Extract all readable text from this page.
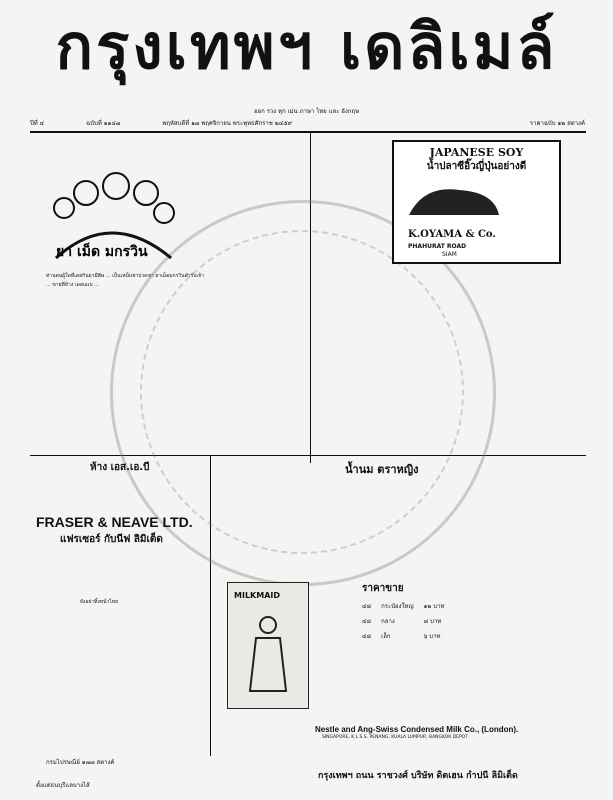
กรุงเทพฯ เดลิเมล์
ออก รวง ทุก เม่น ภาษา ไทย และ อังกฤษ
ปีที่ ๔	ฉบับที่ ๑๑๔๗	พฤหัสบดีที่ ๑๗ พฤศจิกายน พระพุทธศักราช ๒๔๕๙	ราคาฉบับ ๑๒ สตางค์
ยา เม็ด มกรวิน
ท่านคนผู้ใดที่เคยกินยามีพิษ ... เป็นเหน็บชาปวดขา ยาเม็ดมกรวินตำรับเจ้า ... ขายที่ห้าง เดสเอเบ ...
JAPANESE SOY
น้ำปลาซีอิ๊วญี่ปุ่นอย่างดี
K.OYAMA & Co.
PHAHURAT ROAD
SIAM
ห้าง เอส.เอ.บี	น้ำนม ตราหญิง
FRASER & NEAVE LTD.
แฟรเซอร์ กับนีฟ ลิมิเต็ด
ยังอย่าทิ้งหน้าไทย
MILKMAID
ราคาขาย
๔๘	กระป๋องใหญ่	๑๒ บาท
๔๘	กลาง	๘ บาท
๔๘	เล็ก	๖ บาท
Nestle and Ang-Swiss Condensed Milk Co., (London).
SINGAPORE, K.L.S.S. PENANG, KUALA LUMPUR, BANGKOK DEPOT
กรุงเทพฯ ถนน ราชวงศ์ บริษัท ดิตเฮน กำปนี ลิมิเต็ด
กรมไปรษณีย์ ๑๗๗ สตางค์
ตั้งแต่ธนบุรีแลบางไส้
